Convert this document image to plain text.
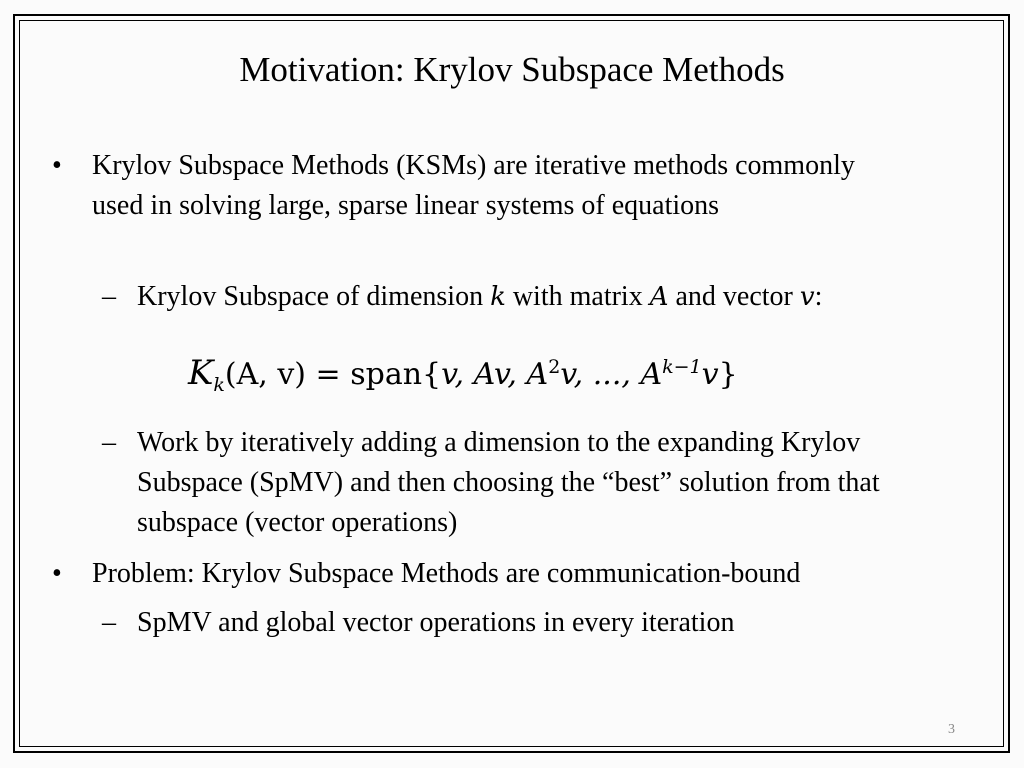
Motivation: Krylov Subspace Methods
•	Krylov Subspace Methods (KSMs) are iterative methods commonly used in solving large, sparse linear systems of equations
– Krylov Subspace of dimension k with matrix A and vector v:
$K_k(A$, v) = span{v, Av, $A^2v$, ..., $A^{k-1}v$}
– Work by iteratively adding a dimension to the expanding Krylov Subspace (SpMV) and then choosing the “best” solution from that subspace (vector operations)
•	Problem: Krylov Subspace Methods are communication-bound
– SpMV and global vector operations in every iteration
3
